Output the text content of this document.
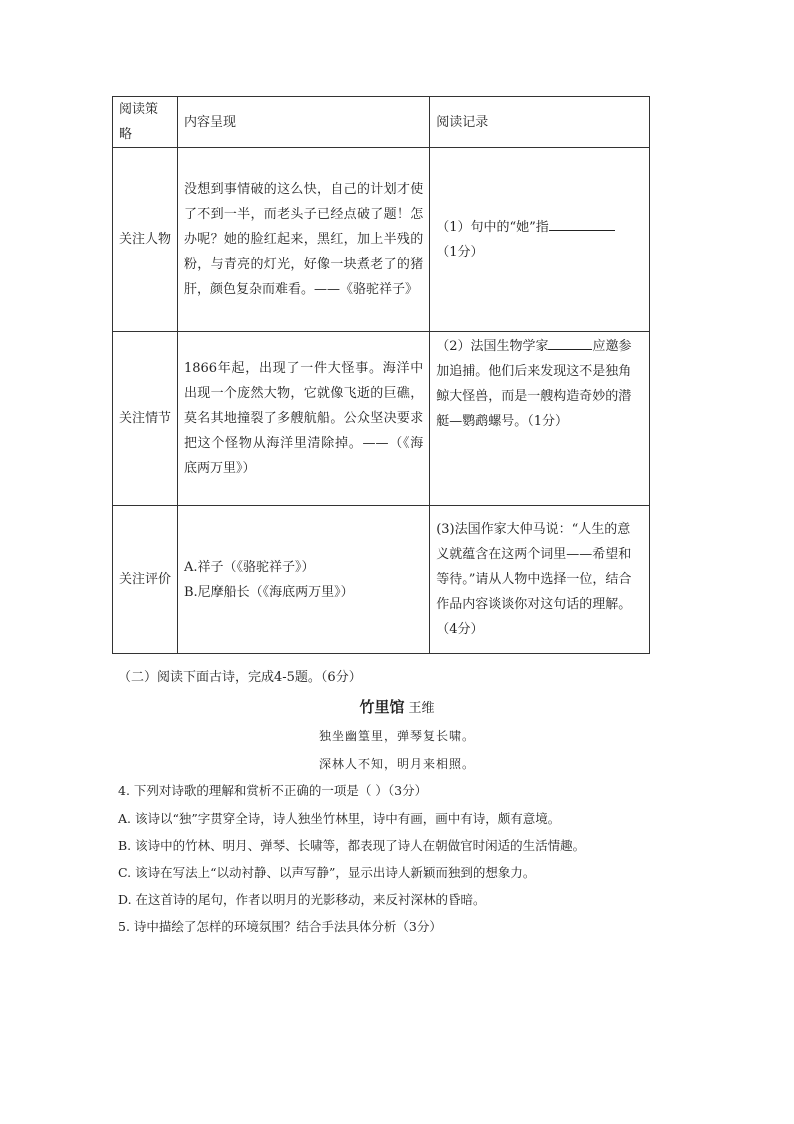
阅读策略	内容呈现	阅读记录
关注人物	没想到事情破的这么快，自己的计划才使了不到一半，而老头子已经点破了题！怎办呢？她的脸红起来，黑红，加上半残的粉，与青亮的灯光，好像一块煮老了的猪肝，颜色复杂而难看。——《骆驼祥子》	（1）句中的“她”指
（1分）

关注情节	1866年起，出现了一件大怪事。海洋中出现一个庞然大物，它就像飞逝的巨礁，莫名其地撞裂了多艘航船。公众坚决要求把这个怪物从海洋里清除掉。——（《海底两万里》）	（2）法国生物学家 应邀参加追捕。他们后来发现这不是独角鲸大怪兽，而是一艘构造奇妙的潜艇—鹦鹉螺号。（1分）

关注评价	A.祥子（《骆驼祥子》）
B.尼摩船长（《海底两万里》）	(3)法国作家大仲马说：“人生的意义就蕴含在这两个词里——希望和等待。”请从人物中选择一位，结合作品内容谈谈你对这句话的理解。（4分）
（二）阅读下面古诗，完成4-5题。（6分）
竹里馆 王维
独坐幽篁里，弹琴复长啸。
深林人不知，明月来相照。
4. 下列对诗歌的理解和赏析不正确的一项是（ ）（3分）
A. 该诗以“独”字贯穿全诗，诗人独坐竹林里，诗中有画，画中有诗，颇有意境。
B. 该诗中的竹林、明月、弹琴、长啸等，都表现了诗人在朝做官时闲适的生活情趣。
C. 该诗在写法上“以动衬静、以声写静”，显示出诗人新颖而独到的想象力。
D. 在这首诗的尾句，作者以明月的光影移动，来反衬深林的昏暗。
5. 诗中描绘了怎样的环境氛围？结合手法具体分析（3分）
